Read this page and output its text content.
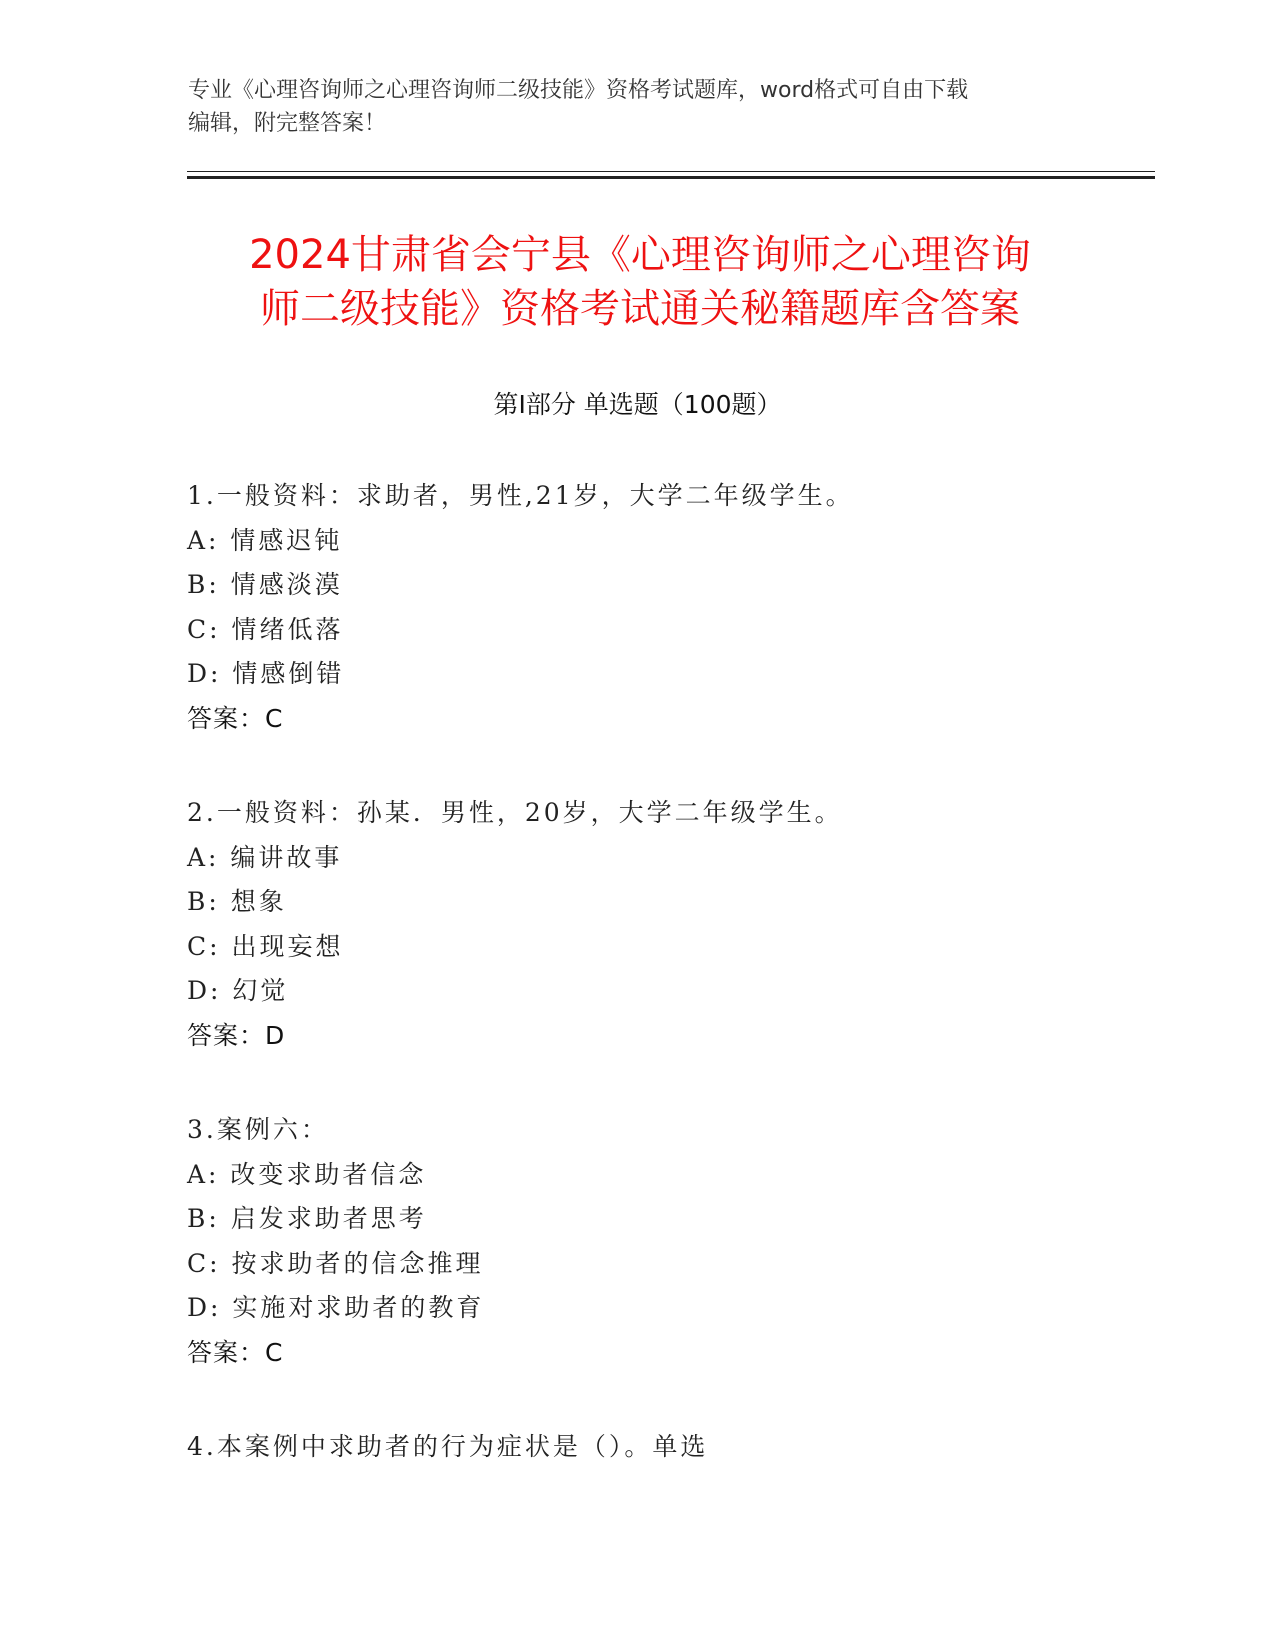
专业《心理咨询师之心理咨询师二级技能》资格考试题库，word格式可自由下载
编辑，附完整答案！
2024甘肃省会宁县《心理咨询师之心理咨询
师二级技能》资格考试通关秘籍题库含答案
第Ⅰ部分 单选题（100题）
1.一般资料：求助者，男性,21岁，大学二年级学生。
A: 情感迟钝
B: 情感淡漠
C: 情绪低落
D: 情感倒错
答案：C
2.一般资料：孙某．男性，20岁，大学二年级学生。
A: 编讲故事
B: 想象
C: 出现妄想
D: 幻觉
答案：D
3.案例六：
A: 改变求助者信念
B: 启发求助者思考
C: 按求助者的信念推理
D: 实施对求助者的教育
答案：C
4.本案例中求助者的行为症状是（）。单选
